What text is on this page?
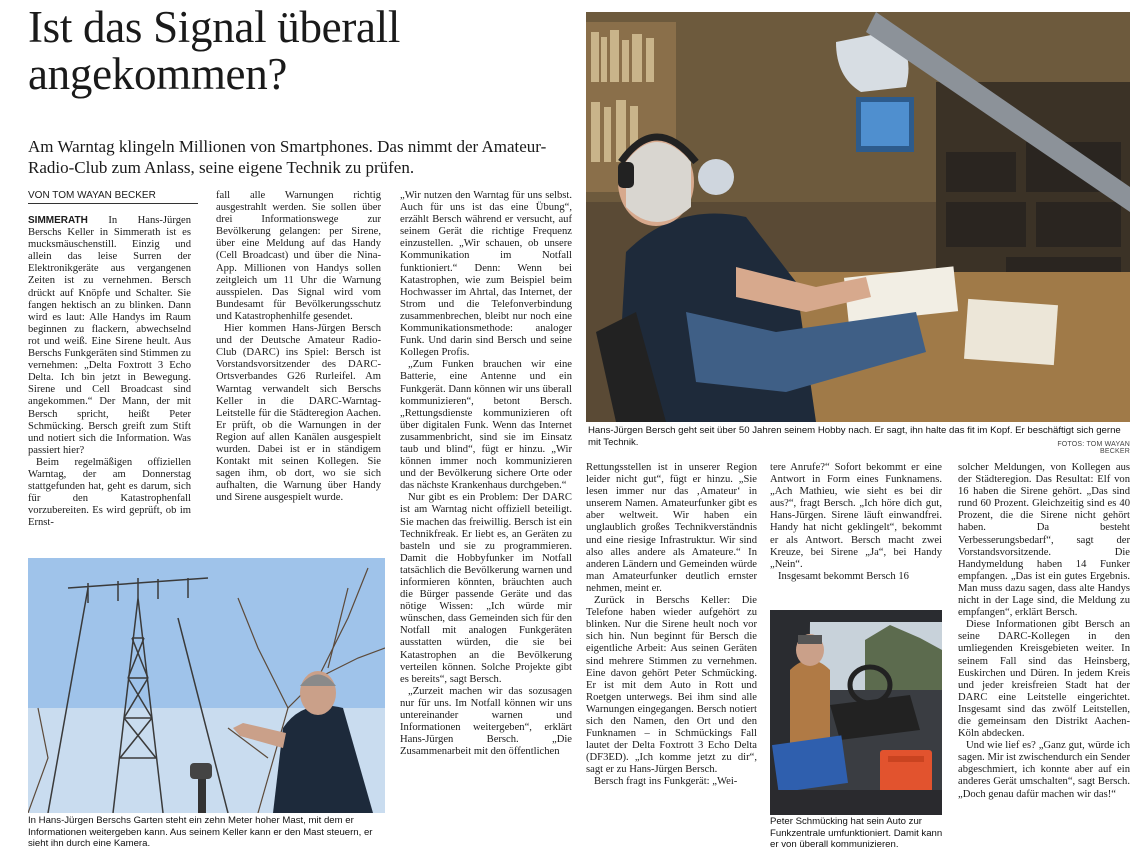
Ist das Signal überall angekommen?

Am Warntag klingeln Millionen von Smartphones. Das nimmt der Amateur-Radio-Club zum Anlass, seine eigene Technik zu prüfen.

VON TOM WAYAN BECKER

SIMMERATH In Hans-Jürgen Berschs Keller in Simmerath ist es mucksmäuschenstill. Einzig und allein das leise Surren der Elektronikgeräte aus vergangenen Zeiten ist zu vernehmen. Bersch drückt auf Knöpfe und Schalter. Sie fangen hektisch an zu blinken. Dann wird es laut: Alle Handys im Raum beginnen zu flackern, abwechselnd rot und weiß. Eine Sirene heult. Aus Berschs Funkgeräten sind Stimmen zu vernehmen: „Delta Foxtrott 3 Echo Delta. Ich bin jetzt in Bewegung. Sirene und Cell Broadcast sind angekommen.“ Der Mann, der mit Bersch spricht, heißt Peter Schmücking. Bersch greift zum Stift und notiert sich die Information. Was passiert hier?

Beim regelmäßigen offiziellen Warntag, der am Donnerstag stattgefunden hat, geht es darum, sich für den Katastrophenfall vorzubereiten. Es wird geprüft, ob im Ernst-

fall alle Warnungen richtig ausgestrahlt werden. Sie sollen über drei Informationswege zur Bevölkerung gelangen: per Sirene, über eine Meldung auf das Handy (Cell Broadcast) und über die Nina-App. Millionen von Handys sollen zeitgleich um 11 Uhr die Warnung ausspielen. Das Signal wird vom Bundesamt für Bevölkerungsschutz und Katastrophenhilfe gesendet.

Hier kommen Hans-Jürgen Bersch und der Deutsche Amateur Radio-Club (DARC) ins Spiel: Bersch ist Vorstandsvorsitzender des DARC-Ortsverbandes G26 Rurleifel. Am Warntag verwandelt sich Berschs Keller in die DARC-Warntag-Leitstelle für die Städteregion Aachen. Er prüft, ob die Warnungen in der Region auf allen Kanälen ausgespielt wurden. Dabei ist er in ständigem Kontakt mit seinen Kollegen. Sie sagen ihm, ob dort, wo sie sich aufhalten, die Warnung über Handy und Sirene ausgespielt wurde.

„Wir nutzen den Warntag für uns selbst. Auch für uns ist das eine Übung“, erzählt Bersch während er versucht, auf seinem Gerät die richtige Frequenz einzustellen. „Wir schauen, ob unsere Kommunikation im Notfall funktioniert.“ Denn: Wenn bei Katastrophen, wie zum Beispiel beim Hochwasser im Ahrtal, das Internet, der Strom und die Telefonverbindung zusammenbrechen, bleibt nur noch eine Kommunikationsmethode: analoger Funk. Und darin sind Bersch und seine Kollegen Profis.

„Zum Funken brauchen wir eine Batterie, eine Antenne und ein Funkgerät. Dann können wir uns überall kommunizieren“, betont Bersch. „Rettungsdienste kommunizieren oft über digitalen Funk. Wenn das Internet zusammenbricht, sind sie im Einsatz taub und blind“, fügt er hinzu. „Wir können immer noch kommunizieren und der Bevölkerung sichere Orte oder das nächste Krankenhaus durchgeben.“

Nur gibt es ein Problem: Der DARC ist am Warntag nicht offiziell beteiligt. Sie machen das freiwillig. Bersch ist ein Technikfreak. Er liebt es, an Geräten zu basteln und sie zu programmieren. Damit die Hobbyfunker im Notfall tatsächlich die Bevölkerung warnen und informieren könnten, bräuchten auch die Bürger passende Geräte und das nötige Wissen: „Ich würde mir wünschen, dass Gemeinden sich für den Notfall mit analogen Funkgeräten ausstatten würden, die sie bei Katastrophen an die Bevölkerung verteilen können. Solche Projekte gibt es bereits“, sagt Bersch.

„Zurzeit machen wir das sozusagen nur für uns. Im Notfall können wir uns untereinander warnen und Informationen weitergeben“, erklärt Hans-Jürgen Bersch. „Die Zusammenarbeit mit den öffentlichen

Rettungsstellen ist in unserer Region leider nicht gut“, fügt er hinzu. „Sie lesen immer nur das ‚Amateur‘ in unserem Namen. Amateurfunker gibt es aber weltweit. Wir haben ein unglaublich großes Technikverständnis und eine riesige Infrastruktur. Wir sind also alles andere als Amateure.“ In anderen Ländern und Gemeinden würde man Amateurfunker deutlich ernster nehmen, meint er.

Zurück in Berschs Keller: Die Telefone haben wieder aufgehört zu blinken. Nur die Sirene heult noch vor sich hin. Nun beginnt für Bersch die eigentliche Arbeit: Aus seinen Geräten sind mehrere Stimmen zu vernehmen. Eine davon gehört Peter Schmücking. Er ist mit dem Auto in Rott und Roetgen unterwegs. Bei ihm sind alle Warnungen eingegangen. Bersch notiert sich den Namen, den Ort und den Funknamen – in Schmückings Fall lautet der Delta Foxtrott 3 Echo Delta (DF3ED). „Ich komme jetzt zu dir“, sagt er zu Hans-Jürgen Bersch.

Bersch fragt ins Funkgerät: „Wei-

tere Anrufe?“ Sofort bekommt er eine Antwort in Form eines Funknamens. „Ach Mathieu, wie sieht es bei dir aus?“, fragt Bersch. „Ich höre dich gut, Hans-Jürgen. Sirene läuft einwandfrei. Handy hat nicht geklingelt“, bekommt er als Antwort. Bersch macht zwei Kreuze, bei Sirene „Ja“, bei Handy „Nein“.

Insgesamt bekommt Bersch 16

solcher Meldungen, von Kollegen aus der Städteregion. Das Resultat: Elf von 16 haben die Sirene gehört. „Das sind rund 60 Prozent. Gleichzeitig sind es 40 Prozent, die die Sirene nicht gehört haben. Da besteht Verbesserungsbedarf“, sagt der Vorstandsvorsitzende. Die Handymeldung haben 14 Funker empfangen. „Das ist ein gutes Ergebnis. Man muss dazu sagen, dass alte Handys nicht in der Lage sind, die Meldung zu empfangen“, erklärt Bersch.

Diese Informationen gibt Bersch an seine DARC-Kollegen in den umliegenden Kreisgebieten weiter. In seinem Fall sind das Heinsberg, Euskirchen und Düren. In jedem Kreis und jeder kreisfreien Stadt hat der DARC eine Leitstelle eingerichtet. Insgesamt sind das zwölf Leitstellen, die gemeinsam den Distrikt Aachen-Köln abdecken.

Und wie lief es? „Ganz gut, würde ich sagen. Mir ist zwischendurch ein Sender abgeschmiert, ich konnte aber auf ein anderes Gerät umschalten“, sagt Bersch. „Doch genau dafür machen wir das!“

Hans-Jürgen Bersch geht seit über 50 Jahren seinem Hobby nach. Er sagt, ihn halte das fit im Kopf. Er beschäftigt sich gerne mit Technik.	FOTOS: TOM WAYAN BECKER
In Hans-Jürgen Berschs Garten steht ein zehn Meter hoher Mast, mit dem er Informationen weitergeben kann. Aus seinem Keller kann er den Mast steuern, er sieht ihn durch eine Kamera.
Peter Schmücking hat sein Auto zur Funkzentrale umfunktioniert. Damit kann er von überall kommunizieren.
